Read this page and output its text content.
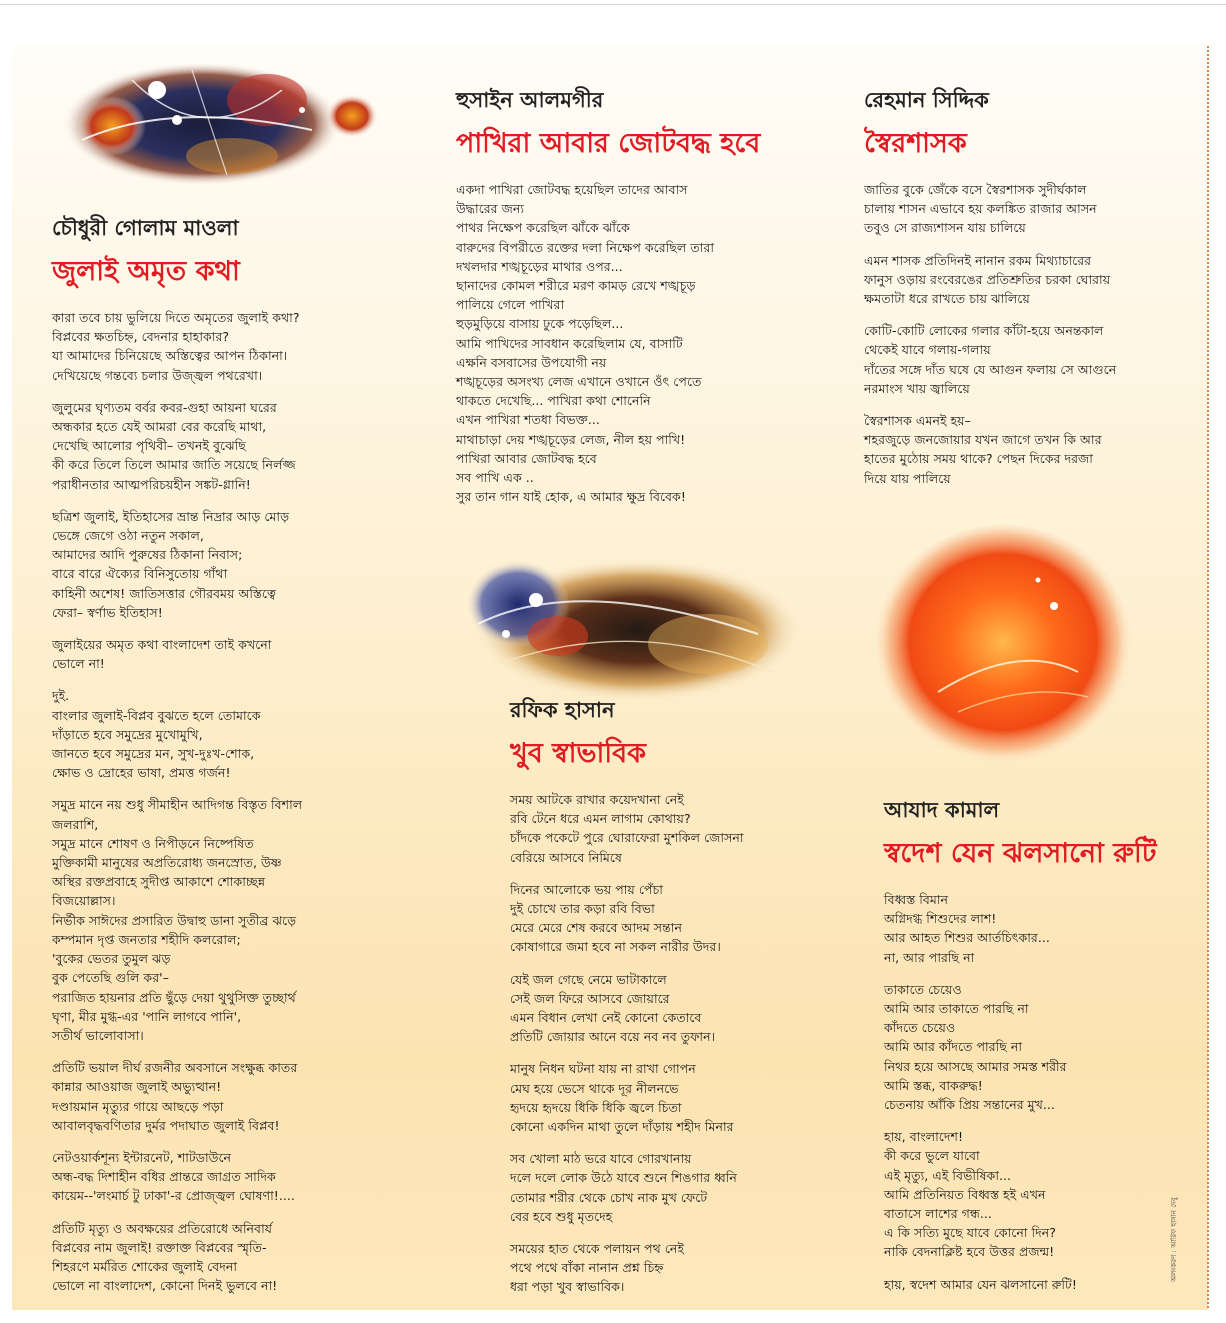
চৌধুরী গোলাম মাওলা
জুলাই অমৃত কথা
কারা তবে চায় ভুলিয়ে দিতে অমৃতের জুলাই কথা?
বিপ্লবের ক্ষতচিহ্ন, বেদনার হাহাকার?
যা আমাদের চিনিয়েছে অস্তিত্বের আপন ঠিকানা।
দেখিয়েছে গন্তব্যে চলার উজ্জ্বল পথরেখা।
জুলুমের ঘৃণ্যতম বর্বর কবর-গুহা আয়না ঘরের
অন্ধকার হতে যেই আমরা বের করেছি মাথা,
দেখেছি আলোর পৃথিবী– তখনই বুঝেছি
কী করে তিলে তিলে আমার জাতি সয়েছে নির্লজ্জ
পরাধীনতার আত্মপরিচয়হীন সঙ্কট-গ্লানি!
ছত্রিশ জুলাই, ইতিহাসের ভ্রান্ত নিদ্রার আড় মোড়
ভেঙ্গে জেগে ওঠা নতুন সকাল,
আমাদের আদি পুরুষের ঠিকানা নিবাস;
বারে বারে ঐক্যের বিনিসুতোয় গাঁথা
কাহিনী অশেষ! জাতিসত্তার গৌরবময় অস্তিত্বে
ফেরা– স্বর্ণাভ ইতিহাস!
জুলাইয়ের অমৃত কথা বাংলাদেশ তাই কখনো
ভোলে না!
দুই.
বাংলার জুলাই-বিপ্লব বুঝতে হলে তোমাকে
দাঁড়াতে হবে সমুদ্রের মুখোমুখি,
জানতে হবে সমুদ্রের মন, সুখ-দুঃখ-শোক,
ক্ষোভ ও দ্রোহের ভাষা, প্রমত্ত গর্জন!
সমুদ্র মানে নয় শুধু সীমাহীন আদিগন্ত বিস্তৃত বিশাল
জলরাশি,
সমুদ্র মানে শোষণ ও নিপীড়নে নিষ্পেষিত
মুক্তিকামী মানুষের অপ্রতিরোধ্য জনস্রোত, উষ্ণ
অস্থির রক্তপ্রবাহে সুদীপ্ত আকাশে শোকাচ্ছন্ন
বিজয়োল্লাস।
নির্ভীক সাঈদের প্রসারিত উদ্বাহু ডানা সুতীব্র ঝড়ে
কম্পমান দৃপ্ত জনতার শহীদি কলরোল;
'বুকের ভেতর তুমুল ঝড়
বুক পেতেছি গুলি কর'–
পরাজিত হায়নার প্রতি ছুঁড়ে দেয়া থুথুসিক্ত তুচ্ছার্থ
ঘৃণা, মীর মুগ্ধ-এর 'পানি লাগবে পানি',
সতীর্থ ভালোবাসা।
প্রতিটি ভয়াল দীর্ঘ রজনীর অবসানে সংক্ষুব্ধ কাতর
কান্নার আওয়াজ জুলাই অভ্যুত্থান!
দণ্ডায়মান মৃত্যুর গায়ে আছড়ে পড়া
আবালবৃদ্ধবণিতার দুর্মর পদাঘাত জুলাই বিপ্লব!
নেটওয়ার্কশূন্য ইন্টারনেট, শাটডাউনে
অন্ধ-বদ্ধ দিশাহীন বধির প্রান্তরে জাগ্রত সাদিক
কায়েম--'লংমার্চ টু ঢাকা'-র প্রোজ্জ্বল ঘোষণা!....
প্রতিটি মৃত্যু ও অবক্ষয়ের প্রতিরোধে অনিবার্য
বিপ্লবের নাম জুলাই! রক্তাক্ত বিপ্লবের স্মৃতি-
শিহরণে মর্মরিত শোকের জুলাই বেদনা
ভোলে না বাংলাদেশ, কোনো দিনই ভুলবে না!
হুসাইন আলমগীর
পাখিরা আবার জোটবদ্ধ হবে
একদা পাখিরা জোটবদ্ধ হয়েছিল তাদের আবাস
উদ্ধারের জন্য
পাথর নিক্ষেপ করেছিল ঝাঁকে ঝাঁকে
বারুদের বিপরীতে রক্তের দলা নিক্ষেপ করেছিল তারা
দখলদার শঙ্খচূড়ের মাথার ওপর...
ছানাদের কোমল শরীরে মরণ কামড় রেখে শঙ্খচূড়
পালিয়ে গেলে পাখিরা
হুড়মুড়িয়ে বাসায় ঢুকে পড়েছিল...
আমি পাখিদের সাবধান করেছিলাম যে, বাসাটি
এক্ষনি বসবাসের উপযোগী নয়
শঙ্খচূড়ের অসংখ্য লেজ এখানে ওখানে ওঁৎ পেতে
থাকতে দেখেছি... পাখিরা কথা শোনেনি
এখন পাখিরা শতধা বিভক্ত...
মাথাচাড়া দেয় শঙ্খচূড়ের লেজ, নীল হয় পাখি!
পাখিরা আবার জোটবদ্ধ হবে
সব পাখি এক ..
সুর তান গান যাই হোক, এ আমার ক্ষুদ্র বিবেক!
রেহমান সিদ্দিক
স্বৈরশাসক
জাতির বুকে জেঁকে বসে স্বৈরশাসক সুদীর্ঘকাল
চালায় শাসন এভাবে হয় কলঙ্কিত রাজার আসন
তবুও সে রাজ্যশাসন যায় চালিয়ে
এমন শাসক প্রতিদিনই নানান রকম মিথ্যাচারের
ফানুস ওড়ায় রংবেরঙের প্রতিশ্রুতির চরকা ঘোরায়
ক্ষমতাটা ধরে রাখতে চায় ঝালিয়ে
কোটি-কোটি লোকের গলার কাঁটা-হয়ে অনন্তকাল
থেকেই যাবে গলায়-গলায়
দাঁতের সঙ্গে দাঁত ঘষে যে আগুন ফলায় সে আগুনে
নরমাংস খায় জ্বালিয়ে
স্বৈরশাসক এমনই হয়–
শহরজুড়ে জনজোয়ার যখন জাগে তখন কি আর
হাতের মুঠোয় সময় থাকে? পেছন দিকের দরজা
দিয়ে যায় পালিয়ে
রফিক হাসান
খুব স্বাভাবিক
সময় আটকে রাখার কয়েদখানা নেই
রবি টেনে ধরে এমন লাগাম কোথায়?
চাঁদকে পকেটে পুরে ঘোরাফেরা মুশকিল জোসনা
বেরিয়ে আসবে নিমিষে
দিনের আলোকে ভয় পায় পেঁচা
দুই চোখে তার কড়া রবি বিভা
মেরে মেরে শেষ করবে আদম সন্তান
কোষাগারে জমা হবে না সকল নারীর উদর।
যেই জল গেছে নেমে ভাটাকালে
সেই জল ফিরে আসবে জোয়ারে
এমন বিধান লেখা নেই কোনো কেতাবে
প্রতিটি জোয়ার আনে বয়ে নব নব তুফান।
মানুষ নিধন ঘটনা যায় না রাখা গোপন
মেঘ হয়ে ভেসে থাকে দূর নীলনভে
হৃদয়ে হৃদয়ে ধিকি ধিকি জ্বলে চিতা
কোনো একদিন মাথা তুলে দাঁড়ায় শহীদ মিনার
সব খোলা মাঠ ভরে যাবে গোরখানায়
দলে দলে লোক উঠে যাবে শুনে শিঙগার ধ্বনি
তোমার শরীর থেকে চোখ নাক মুখ ফেটে
বের হবে শুধু মৃতদেহ
সময়ের হাত থেকে পলায়ন পথ নেই
পথে পথে বাঁকা নানান প্রশ্ন চিহ্ন
ধরা পড়া খুব স্বাভাবিক।
আযাদ কামাল
স্বদেশ যেন ঝলসানো রুটি
বিধ্বস্ত বিমান
অগ্নিদগ্ধ শিশুদের লাশ!
আর আহত শিশুর আর্তচিৎকার...
না, আর পারছি না
তাকাতে চেয়েও
আমি আর তাকাতে পারছি না
কাঁদতে চেয়েও
আমি আর কাঁদতে পারছি না
নিথর হয়ে আসছে আমার সমস্ত শরীর
আমি স্তব্ধ, বাকরুদ্ধ!
চেতনায় আঁকি প্রিয় সন্তানের মুখ...
হায়, বাংলাদেশ!
কী করে ভুলে যাবো
এই মৃত্যু, এই বিভীষিকা...
আমি প্রতিনিয়ত বিধ্বস্ত হই এখন
বাতাসে লাশের গন্ধ...
এ কি সত্যি মুছে যাবে কোনো দিন?
নাকি বেদনাক্লিষ্ট হবে উত্তর প্রজন্ম!
হায়, স্বদেশ আমার যেন ঝলসানো রুটি!
অলংকরণ : আরিফ হাসান দেবু
